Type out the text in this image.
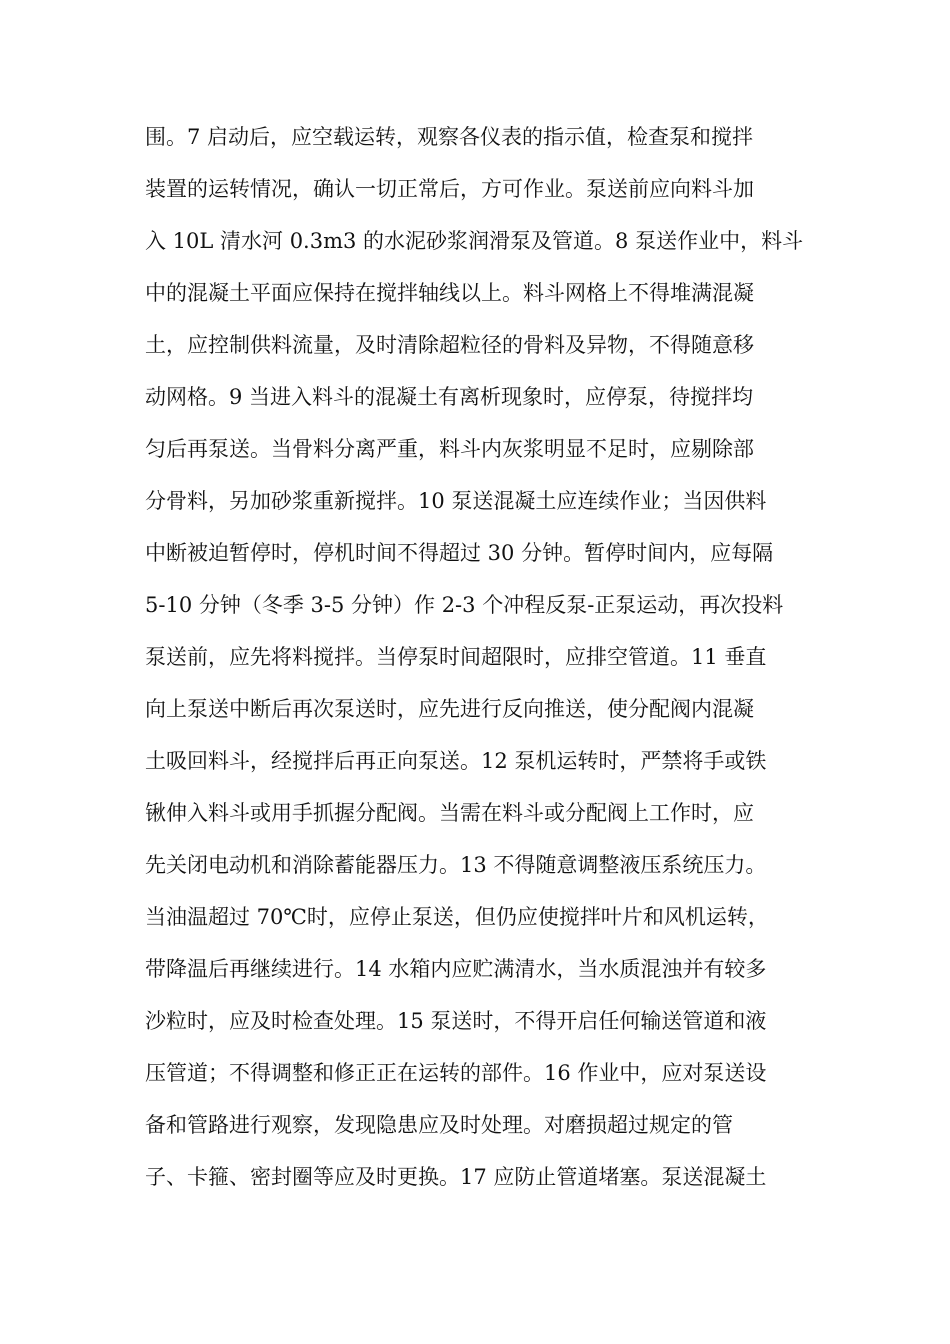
围。7 启动后，应空载运转，观察各仪表的指示值，检查泵和搅拌
装置的运转情况，确认一切正常后，方可作业。泵送前应向料斗加
入 10L 清水河 0.3m3 的水泥砂浆润滑泵及管道。8 泵送作业中，料斗
中的混凝土平面应保持在搅拌轴线以上。料斗网格上不得堆满混凝
土，应控制供料流量，及时清除超粒径的骨料及异物，不得随意移
动网格。9 当进入料斗的混凝土有离析现象时，应停泵，待搅拌均
匀后再泵送。当骨料分离严重，料斗内灰浆明显不足时，应剔除部
分骨料，另加砂浆重新搅拌。10 泵送混凝土应连续作业；当因供料
中断被迫暂停时，停机时间不得超过 30 分钟。暂停时间内，应每隔
5-10 分钟（冬季 3-5 分钟）作 2-3 个冲程反泵-正泵运动，再次投料
泵送前，应先将料搅拌。当停泵时间超限时，应排空管道。11 垂直
向上泵送中断后再次泵送时，应先进行反向推送，使分配阀内混凝
土吸回料斗，经搅拌后再正向泵送。12 泵机运转时，严禁将手或铁
锹伸入料斗或用手抓握分配阀。当需在料斗或分配阀上工作时，应
先关闭电动机和消除蓄能器压力。13 不得随意调整液压系统压力。
当油温超过 70℃时，应停止泵送，但仍应使搅拌叶片和风机运转，
带降温后再继续进行。14 水箱内应贮满清水，当水质混浊并有较多
沙粒时，应及时检查处理。15 泵送时，不得开启任何输送管道和液
压管道；不得调整和修正正在运转的部件。16 作业中，应对泵送设
备和管路进行观察，发现隐患应及时处理。对磨损超过规定的管
子、卡箍、密封圈等应及时更换。17 应防止管道堵塞。泵送混凝土
